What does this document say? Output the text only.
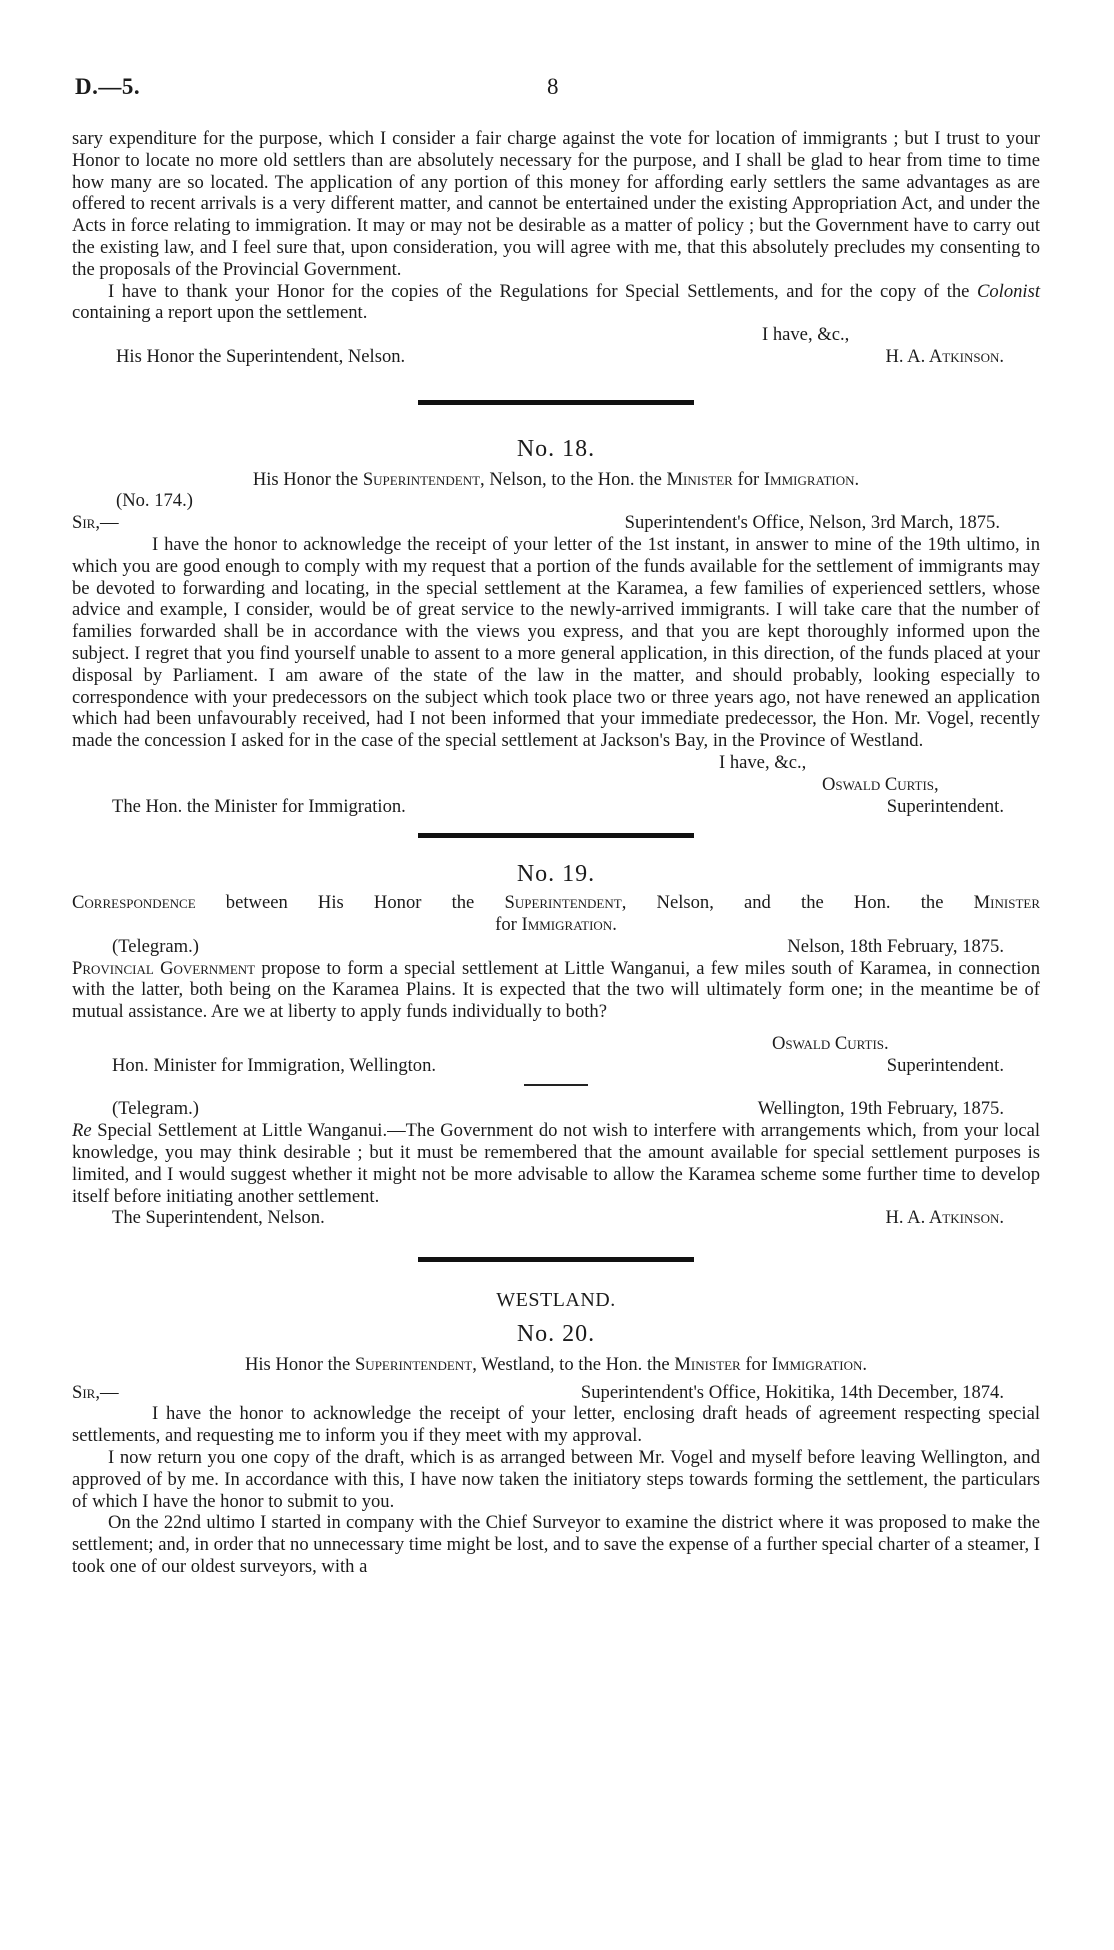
D.—5.	8

sary expenditure for the purpose, which I consider a fair charge against the vote for location of immigrants ; but I trust to your Honor to locate no more old settlers than are absolutely necessary for the purpose, and I shall be glad to hear from time to time how many are so located. The application of any portion of this money for affording early settlers the same advantages as are offered to recent arrivals is a very different matter, and cannot be entertained under the existing Appropriation Act, and under the Acts in force relating to immigration. It may or may not be desirable as a matter of policy ; but the Government have to carry out the existing law, and I feel sure that, upon consideration, you will agree with me, that this absolutely precludes my consenting to the proposals of the Provincial Government.

I have to thank your Honor for the copies of the Regulations for Special Settlements, and for the copy of the Colonist containing a report upon the settlement.

I have, &c.,
His Honor the Superintendent, Nelson.	H. A. Atkinson.
No. 18.
His Honor the Superintendent, Nelson, to the Hon. the Minister for Immigration.
(No. 174.)
Sir,—	Superintendent's Office, Nelson, 3rd March, 1875.

I have the honor to acknowledge the receipt of your letter of the 1st instant, in answer to mine of the 19th ultimo, in which you are good enough to comply with my request that a portion of the funds available for the settlement of immigrants may be devoted to forwarding and locating, in the special settlement at the Karamea, a few families of experienced settlers, whose advice and example, I consider, would be of great service to the newly-arrived immigrants. I will take care that the number of families forwarded shall be in accordance with the views you express, and that you are kept thoroughly informed upon the subject. I regret that you find yourself unable to assent to a more general application, in this direction, of the funds placed at your disposal by Parliament. I am aware of the state of the law in the matter, and should probably, looking especially to correspondence with your predecessors on the subject which took place two or three years ago, not have renewed an application which had been unfavourably received, had I not been informed that your immediate predecessor, the Hon. Mr. Vogel, recently made the concession I asked for in the case of the special settlement at Jackson's Bay, in the Province of Westland.

I have, &c.,
Oswald Curtis,
The Hon. the Minister for Immigration.	Superintendent.
No. 19.
Correspondence between His Honor the Superintendent, Nelson, and the Hon. the Minister
for Immigration.
(Telegram.)	Nelson, 18th February, 1875.

Provincial Government propose to form a special settlement at Little Wanganui, a few miles south of Karamea, in connection with the latter, both being on the Karamea Plains. It is expected that the two will ultimately form one; in the meantime be of mutual assistance. Are we at liberty to apply funds individually to both?

Oswald Curtis.
Hon. Minister for Immigration, Wellington.	Superintendent.
(Telegram.)	Wellington, 19th February, 1875.

Re Special Settlement at Little Wanganui.—The Government do not wish to interfere with arrangements which, from your local knowledge, you may think desirable ; but it must be remembered that the amount available for special settlement purposes is limited, and I would suggest whether it might not be more advisable to allow the Karamea scheme some further time to develop itself before initiating another settlement.

The Superintendent, Nelson.	H. A. Atkinson.
WESTLAND.
No. 20.
His Honor the Superintendent, Westland, to the Hon. the Minister for Immigration.
Sir,—	Superintendent's Office, Hokitika, 14th December, 1874.

I have the honor to acknowledge the receipt of your letter, enclosing draft heads of agreement respecting special settlements, and requesting me to inform you if they meet with my approval.

I now return you one copy of the draft, which is as arranged between Mr. Vogel and myself before leaving Wellington, and approved of by me. In accordance with this, I have now taken the initiatory steps towards forming the settlement, the particulars of which I have the honor to submit to you.

On the 22nd ultimo I started in company with the Chief Surveyor to examine the district where it was proposed to make the settlement; and, in order that no unnecessary time might be lost, and to save the expense of a further special charter of a steamer, I took one of our oldest surveyors, with a
